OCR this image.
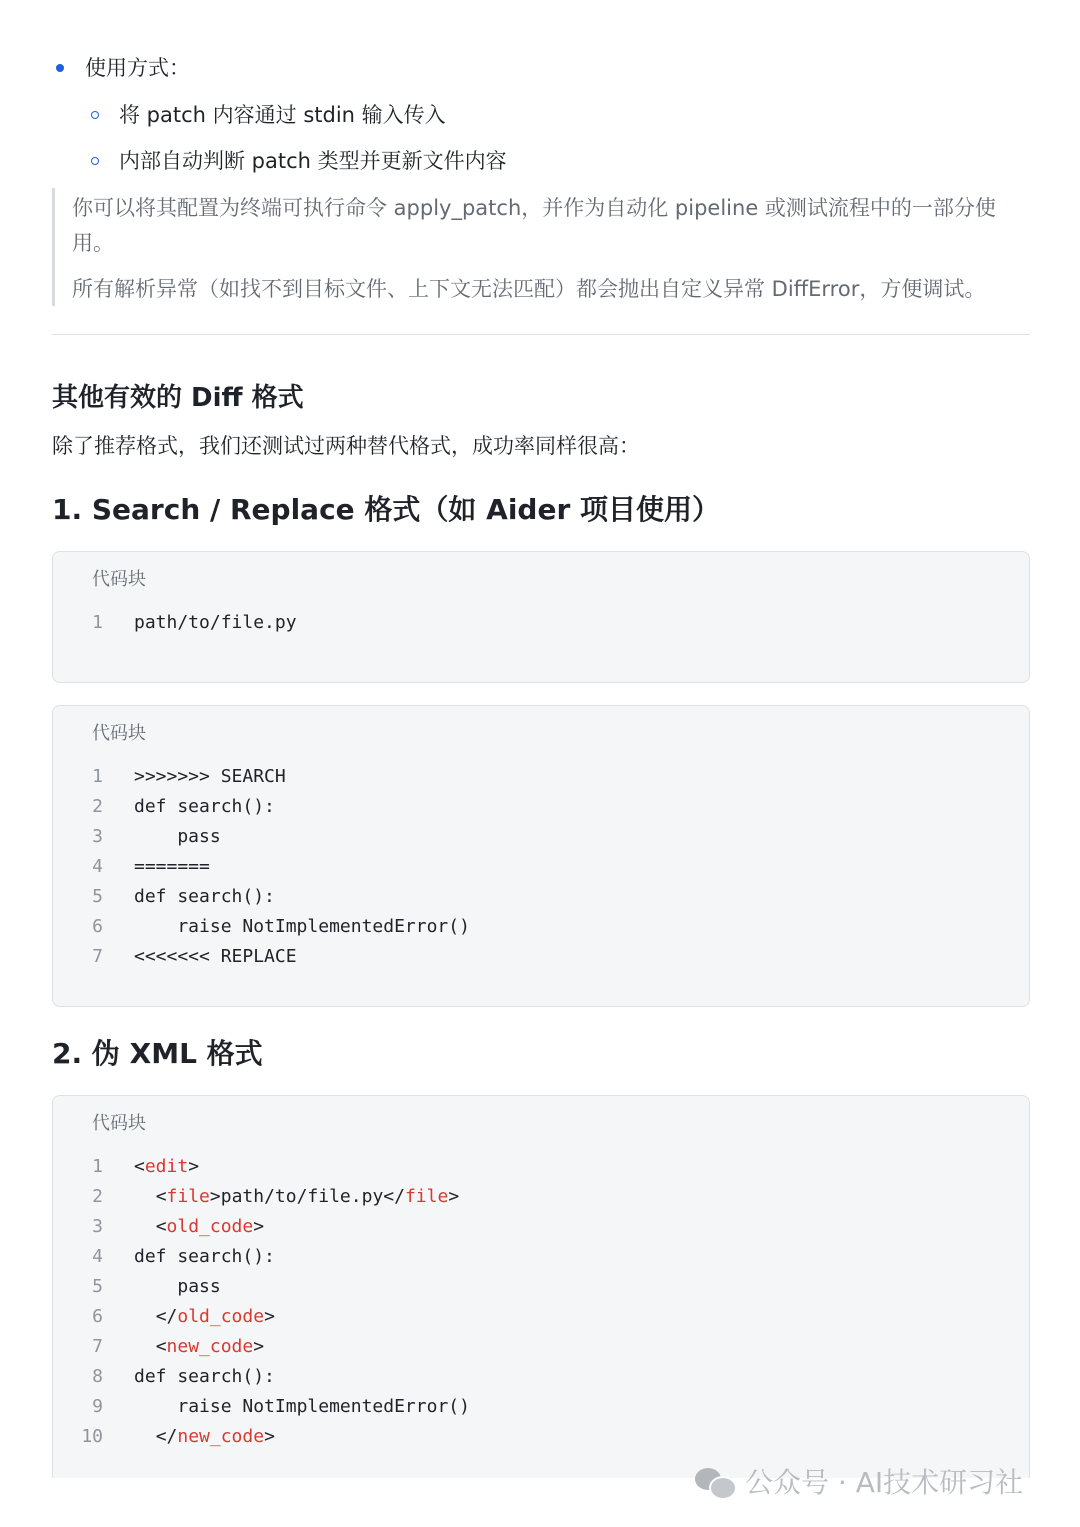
使用方式：
将 patch 内容通过 stdin 输入传入
内部自动判断 patch 类型并更新文件内容

你可以将其配置为终端可执行命令 apply_patch，并作为自动化 pipeline 或测试流程中的一部分使用。

所有解析异常（如找不到目标文件、上下文无法匹配）都会抛出自定义异常 DiffError，方便调试。

其他有效的 Diff 格式
除了推荐格式，我们还测试过两种替代格式，成功率同样很高：
1. Search / Replace 格式（如 Aider 项目使用）
代码块
1 path/to/file.py
代码块
1 >>>>>>> SEARCH
2 def search():
3 pass
4 =======
5 def search():
6 raise NotImplementedError()
7 <<<<<<< REPLACE
2. 伪 XML 格式
代码块
1 <edit>
2	<file>path/to/file.py</file>
3	<old_code>
4 def search():
5	pass
6	</old_code>
7	<new_code>
8 def search():
9	raise NotImplementedError()
10	</new_code>
公众号 · AI技术研习社
